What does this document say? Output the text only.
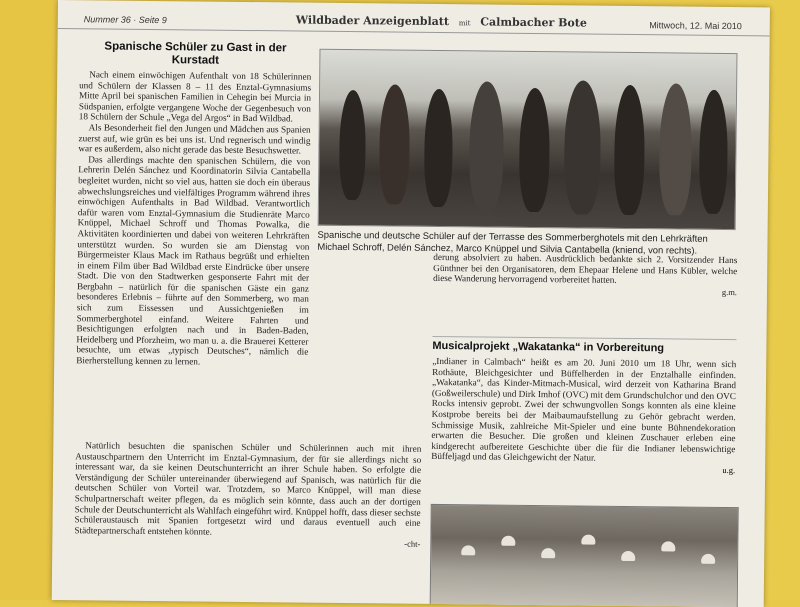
Nummer 36 · Seite 9	Wildbader Anzeigenblatt mit Calmbacher Bote	Mittwoch, 12. Mai 2010
Spanische Schüler zu Gast in der Kurstadt

Nach einem einwöchigen Aufenthalt von 18 Schülerinnen und Schülern der Klassen 8 – 11 des Enztal-Gymnasiums Mitte April bei spanischen Familien in Cehegin bei Murcia in Südspanien, erfolgte vergangene Woche der Gegenbesuch von 18 Schülern der Schule „Vega del Argos“ in Bad Wildbad.

Als Besonderheit fiel den Jungen und Mädchen aus Spanien zuerst auf, wie grün es bei uns ist. Und regnerisch und windig war es außerdem, also nicht gerade das beste Besuchswetter.

Das allerdings machte den spanischen Schülern, die von Lehrerin Delén Sánchez und Koordinatorin Silvia Cantabella begleitet wurden, nicht so viel aus, hatten sie doch ein überaus abwechslungsreiches und vielfältiges Programm während ihres einwöchigen Aufenthalts in Bad Wildbad. Verantwortlich dafür waren vom Enztal-Gymnasium die Studienräte Marco Knüppel, Michael Schroff und Thomas Powalka, die Aktivitäten koordinierten und dabei von weiteren Lehrkräften unterstützt wurden. So wurden sie am Dienstag von Bürgermeister Klaus Mack im Rathaus begrüßt und erhielten in einem Film über Bad Wildbad erste Eindrücke über unsere Stadt. Die von den Stadtwerken gesponserte Fahrt mit der Bergbahn – natürlich für die spanischen Gäste ein ganz besonderes Erlebnis – führte auf den Sommerberg, wo man sich zum Eissessen und Aussichtgenießen im Sommerberghotel einfand. Weitere Fahrten und Besichtigungen erfolgten nach und in Baden-Baden, Heidelberg und Pforzheim, wo man u. a. die Brauerei Ketterer besuchte, um etwas „typisch Deutsches“, nämlich die Bierherstellung kennen zu lernen.

Spanische und deutsche Schüler auf der Terrasse des Sommerberghotels mit den Lehrkräften Michael Schroff, Delén Sánchez, Marco Knüppel und Silvia Cantabella (kniend, von rechts).

derung absolviert zu haben. Ausdrücklich bedankte sich 2. Vorsitzender Hans Günthner bei den Organisatoren, dem Ehepaar Helene und Hans Kübler, welche diese Wanderung hervorragend vorbereitet hatten.

g.m.

Natürlich besuchten die spanischen Schüler und Schülerinnen auch mit ihren Austauschpartnern den Unterricht im Enztal-Gymnasium, der für sie allerdings nicht so interessant war, da sie keinen Deutschunterricht an ihrer Schule haben. So erfolgte die Verständigung der Schüler untereinander überwiegend auf Spanisch, was natürlich für die deutschen Schüler von Vorteil war. Trotzdem, so Marco Knüppel, will man diese Schulpartnerschaft weiter pflegen, da es möglich sein könnte, dass auch an der dortigen Schule der Deutschunterricht als Wahlfach eingeführt wird. Knüppel hofft, dass dieser sechste Schüleraustausch mit Spanien fortgesetzt wird und daraus eventuell auch eine Städtepartnerschaft entstehen könnte.

-cht-
Musicalprojekt „Wakatanka“ in Vorbereitung

„Indianer in Calmbach“ heißt es am 20. Juni 2010 um 18 Uhr, wenn sich Rothäute, Bleichgesichter und Büffelherden in der Enztalhalle einfinden. „Wakatanka“, das Kinder-Mitmach-Musical, wird derzeit von Katharina Brand (Goßweilerschule) und Dirk Imhof (OVC) mit dem Grundschulchor und den OVC Rocks intensiv geprobt. Zwei der schwungvollen Songs konnten als eine kleine Kostprobe bereits bei der Maibaumaufstellung zu Gehör gebracht werden. Schmissige Musik, zahlreiche Mit-Spieler und eine bunte Bühnendekoration erwarten die Besucher. Die großen und kleinen Zuschauer erleben eine kindgerecht aufbereitete Geschichte über die für die Indianer lebenswichtige Büffeljagd und das Gleichgewicht der Natur.

u.g.
